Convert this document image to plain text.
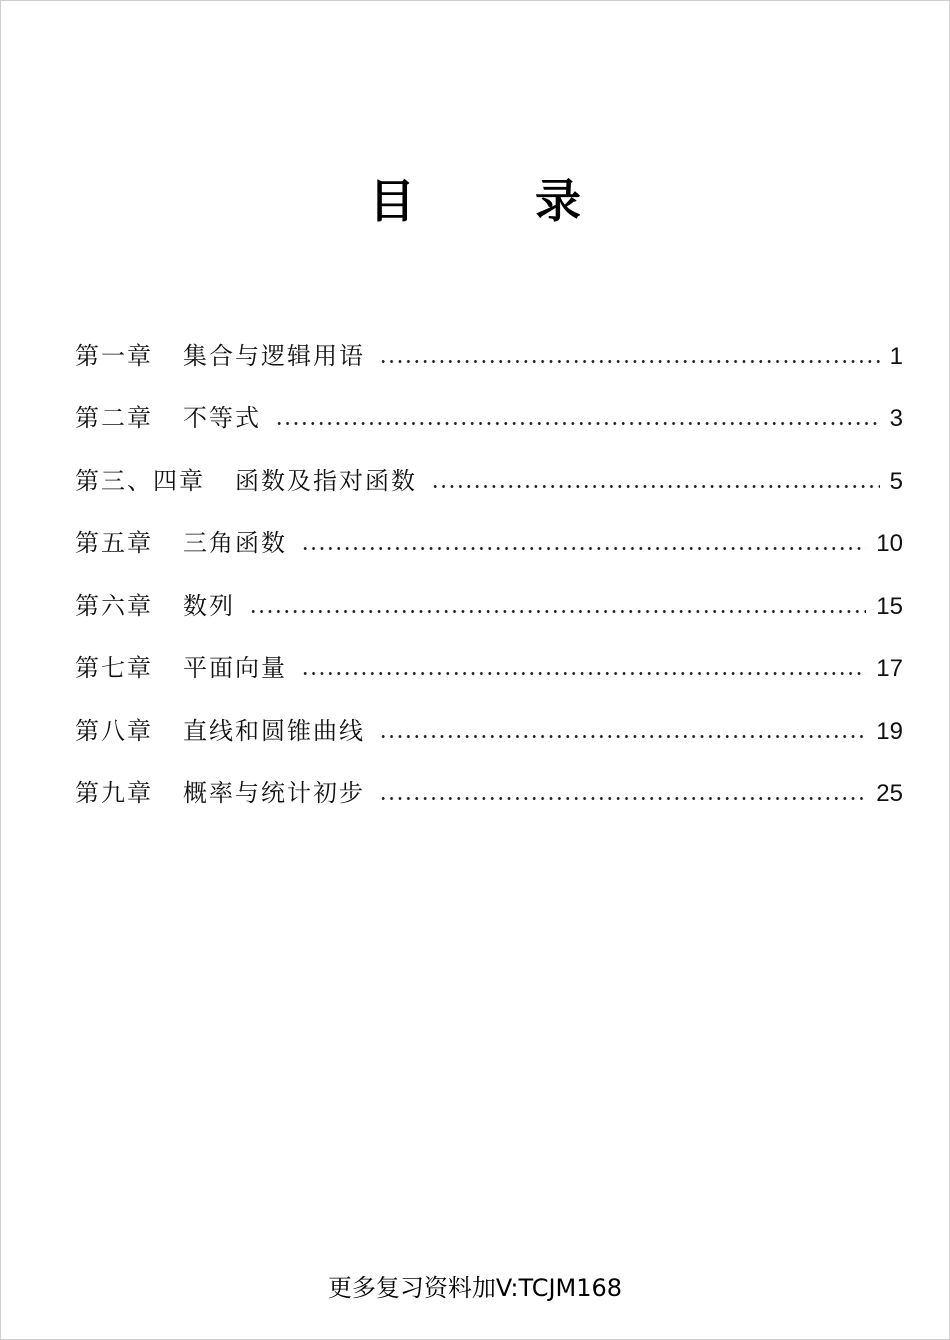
目 录
第一章 集合与逻辑用语	1
第二章 不等式	3
第三、四章 函数及指对函数	5
第五章 三角函数	10
第六章 数列	15
第七章 平面向量	17
第八章 直线和圆锥曲线	19
第九章 概率与统计初步	25
更多复习资料加V:TCJM168
